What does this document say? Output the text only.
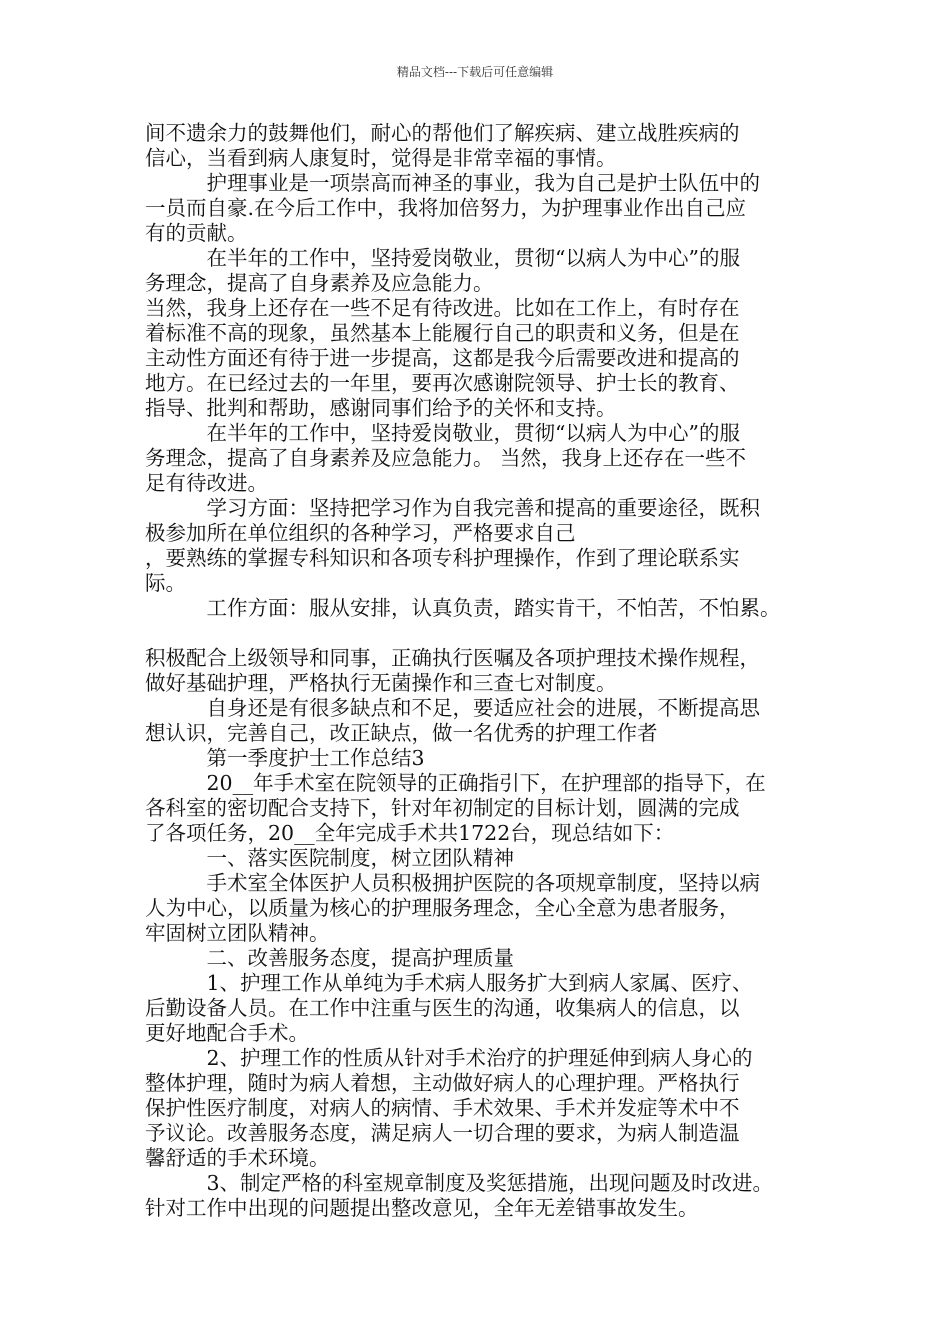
精品文档---下载后可任意编辑
间不遗余力的鼓舞他们，耐心的帮他们了解疾病、建立战胜疾病的
信心，当看到病人康复时，觉得是非常幸福的事情。
　　　护理事业是一项崇高而神圣的事业，我为自己是护士队伍中的
一员而自豪.在今后工作中，我将加倍努力，为护理事业作出自己应
有的贡献。
　　　在半年的工作中，坚持爱岗敬业，贯彻“以病人为中心”的服
务理念，提高了自身素养及应急能力。
当然，我身上还存在一些不足有待改进。比如在工作上，有时存在
着标准不高的现象，虽然基本上能履行自己的职责和义务，但是在
主动性方面还有待于进一步提高，这都是我今后需要改进和提高的
地方。在已经过去的一年里，要再次感谢院领导、护士长的教育、
指导、批判和帮助，感谢同事们给予的关怀和支持。
　　　在半年的工作中，坚持爱岗敬业，贯彻“以病人为中心”的服
务理念，提高了自身素养及应急能力。 当然，我身上还存在一些不
足有待改进。
　　　学习方面：坚持把学习作为自我完善和提高的重要途径，既积
极参加所在单位组织的各种学习，严格要求自己
，要熟练的掌握专科知识和各项专科护理操作，作到了理论联系实
际。
　　　工作方面：服从安排，认真负责，踏实肯干，不怕苦，不怕累。
积极配合上级领导和同事，正确执行医嘱及各项护理技术操作规程，
做好基础护理，严格执行无菌操作和三查七对制度。
　　　自身还是有很多缺点和不足，要适应社会的进展，不断提高思
想认识，完善自己，改正缺点，做一名优秀的护理工作者
　　　第一季度护士工作总结3
　　　20__年手术室在院领导的正确指引下，在护理部的指导下，在
各科室的密切配合支持下，针对年初制定的目标计划，圆满的完成
了各项任务，20__全年完成手术共1722台，现总结如下：
　　　一、落实医院制度，树立团队精神
　　　手术室全体医护人员积极拥护医院的各项规章制度，坚持以病
人为中心，以质量为核心的护理服务理念，全心全意为患者服务，
牢固树立团队精神。
　　　二、改善服务态度，提高护理质量
　　　1、护理工作从单纯为手术病人服务扩大到病人家属、医疗、
后勤设备人员。在工作中注重与医生的沟通，收集病人的信息，以
更好地配合手术。
　　　2、护理工作的性质从针对手术治疗的护理延伸到病人身心的
整体护理，随时为病人着想，主动做好病人的心理护理。严格执行
保护性医疗制度，对病人的病情、手术效果、手术并发症等术中不
予议论。改善服务态度，满足病人一切合理的要求，为病人制造温
馨舒适的手术环境。
　　　3、制定严格的科室规章制度及奖惩措施，出现问题及时改进。
针对工作中出现的问题提出整改意见，全年无差错事故发生。
